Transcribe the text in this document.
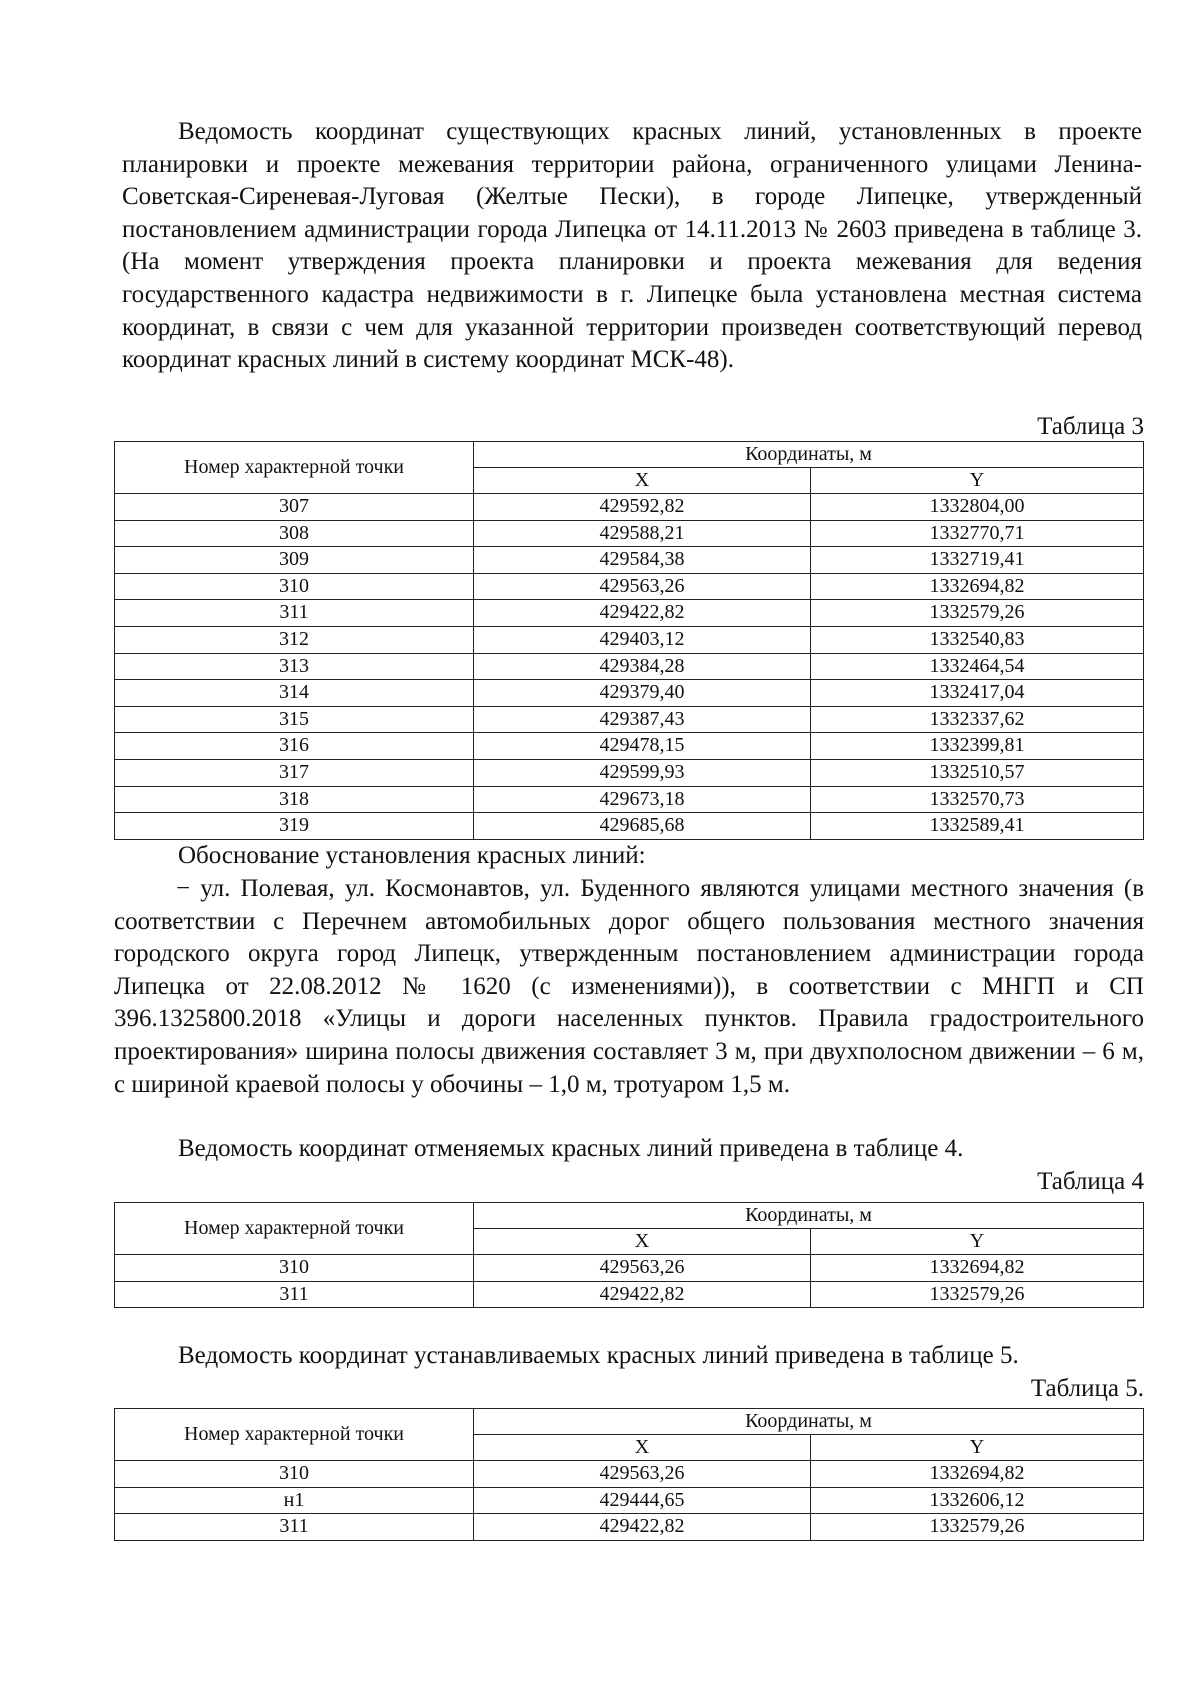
Ведомость координат существующих красных линий, установленных в проекте планировки и проекте межевания территории района, ограниченного улицами Ленина-Советская-Сиреневая-Луговая (Желтые Пески), в городе Липецке, утвержденный постановлением администрации города Липецка от 14.11.2013 № 2603 приведена в таблице 3. (На момент утверждения проекта планировки и проекта межевания для ведения государственного кадастра недвижимости в г. Липецке была установлена местная система координат, в связи с чем для указанной территории произведен соответствующий перевод координат красных линий в систему координат МСК-48).

Таблица 3

Номер характерной точки	Координаты, м	
	X	Y
307	429592,82	1332804,00
308	429588,21	1332770,71
309	429584,38	1332719,41
310	429563,26	1332694,82
311	429422,82	1332579,26
312	429403,12	1332540,83
313	429384,28	1332464,54
314	429379,40	1332417,04
315	429387,43	1332337,62
316	429478,15	1332399,81
317	429599,93	1332510,57
318	429673,18	1332570,73
319	429685,68	1332589,41

Обоснование установления красных линий:

− ул. Полевая, ул. Космонавтов, ул. Буденного являются улицами местного значения (в соответствии с Перечнем автомобильных дорог общего пользования местного значения городского округа город Липецк, утвержденным постановлением администрации города Липецка от 22.08.2012 № 1620 (с изменениями)), в соответствии с МНГП и СП 396.1325800.2018 «Улицы и дороги населенных пунктов. Правила градостроительного проектирования» ширина полосы движения составляет 3 м, при двухполосном движении – 6 м, с шириной краевой полосы у обочины – 1,0 м, тротуаром 1,5 м.

Ведомость координат отменяемых красных линий приведена в таблице 4.

Таблица 4

Номер характерной точки	Координаты, м	
	X	Y
310	429563,26	1332694,82
311	429422,82	1332579,26

Ведомость координат устанавливаемых красных линий приведена в таблице 5.

Таблица 5.

Номер характерной точки	Координаты, м	
	X	Y
310	429563,26	1332694,82
н1	429444,65	1332606,12
311	429422,82	1332579,26
